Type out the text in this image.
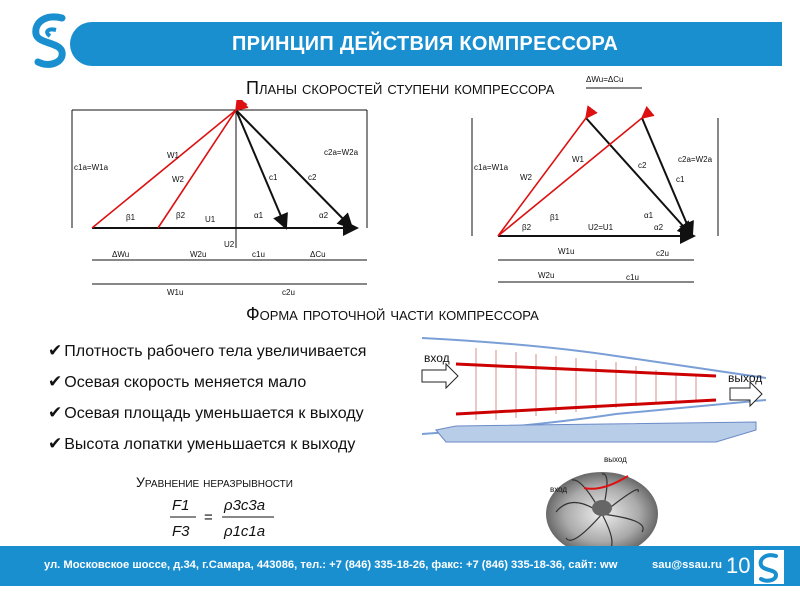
ПРИНЦИП ДЕЙСТВИЯ КОМПРЕССОРА
Планы скоростей ступени компрессора
c1a=W1a
c2a=W2a
W1
W2	c1	c2
β1	β2 U1
U2
α1	α2
ΔWu	W2u	c1u	ΔCu
W1u	c2u
ΔWu=ΔCu
c1a=W1a
c2a=W2a
W1
W2
c2
c1
β1
β2	U2=U1
α1
α2
W1u	c2u
W2u	c1u
Форма проточной части компрессора
✔ Плотность рабочего тела увеличивается
✔ Осевая скорость меняется мало
✔ Осевая площадь уменьшается к выходу
✔ Высота лопатки уменьшается к выходу
вход
выход
Уравнение неразрывности
F1
F3
=
ρ3c3a
ρ1c1a
вход
выход
ул. Московское шоссе, д.34, г.Самара, 443086, тел.: +7 (846) 335-18-26, факс: +7 (846) 335-18-36, сайт: ww	sau@ssau.ru 10
